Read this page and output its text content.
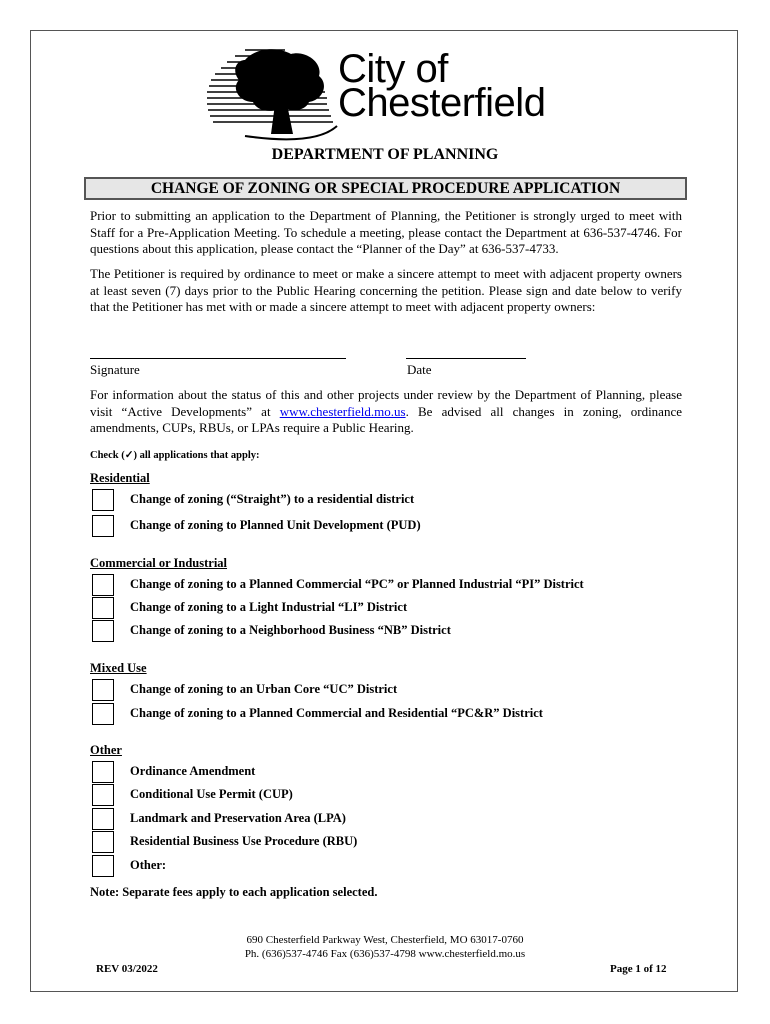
City of
Chesterfield
DEPARTMENT OF PLANNING
CHANGE OF ZONING OR SPECIAL PROCEDURE APPLICATION
Prior to submitting an application to the Department of Planning, the Petitioner is strongly urged to meet with Staff for a Pre-Application Meeting. To schedule a meeting, please contact the Department at 636-537-4746. For questions about this application, please contact the “Planner of the Day” at 636-537-4733.
The Petitioner is required by ordinance to meet or make a sincere attempt to meet with adjacent property owners at least seven (7) days prior to the Public Hearing concerning the petition. Please sign and date below to verify that the Petitioner has met with or made a sincere attempt to meet with adjacent property owners:
Signature	Date
For information about the status of this and other projects under review by the Department of Planning, please visit “Active Developments” at www.chesterfield.mo.us. Be advised all changes in zoning, ordinance amendments, CUPs, RBUs, or LPAs require a Public Hearing.
Check (✓) all applications that apply:
Residential
Change of zoning (“Straight”) to a residential district
Change of zoning to Planned Unit Development (PUD)
Commercial or Industrial
Change of zoning to a Planned Commercial “PC” or Planned Industrial “PI” District
Change of zoning to a Light Industrial “LI” District
Change of zoning to a Neighborhood Business “NB” District
Mixed Use
Change of zoning to an Urban Core “UC” District
Change of zoning to a Planned Commercial and Residential “PC&R” District
Other
Ordinance Amendment
Conditional Use Permit (CUP)
Landmark and Preservation Area (LPA)
Residential Business Use Procedure (RBU)
Other:
Note: Separate fees apply to each application selected.
690 Chesterfield Parkway West, Chesterfield, MO 63017-0760
Ph. (636)537-4746 Fax (636)537-4798 www.chesterfield.mo.us
REV 03/2022	Page 1 of 12
